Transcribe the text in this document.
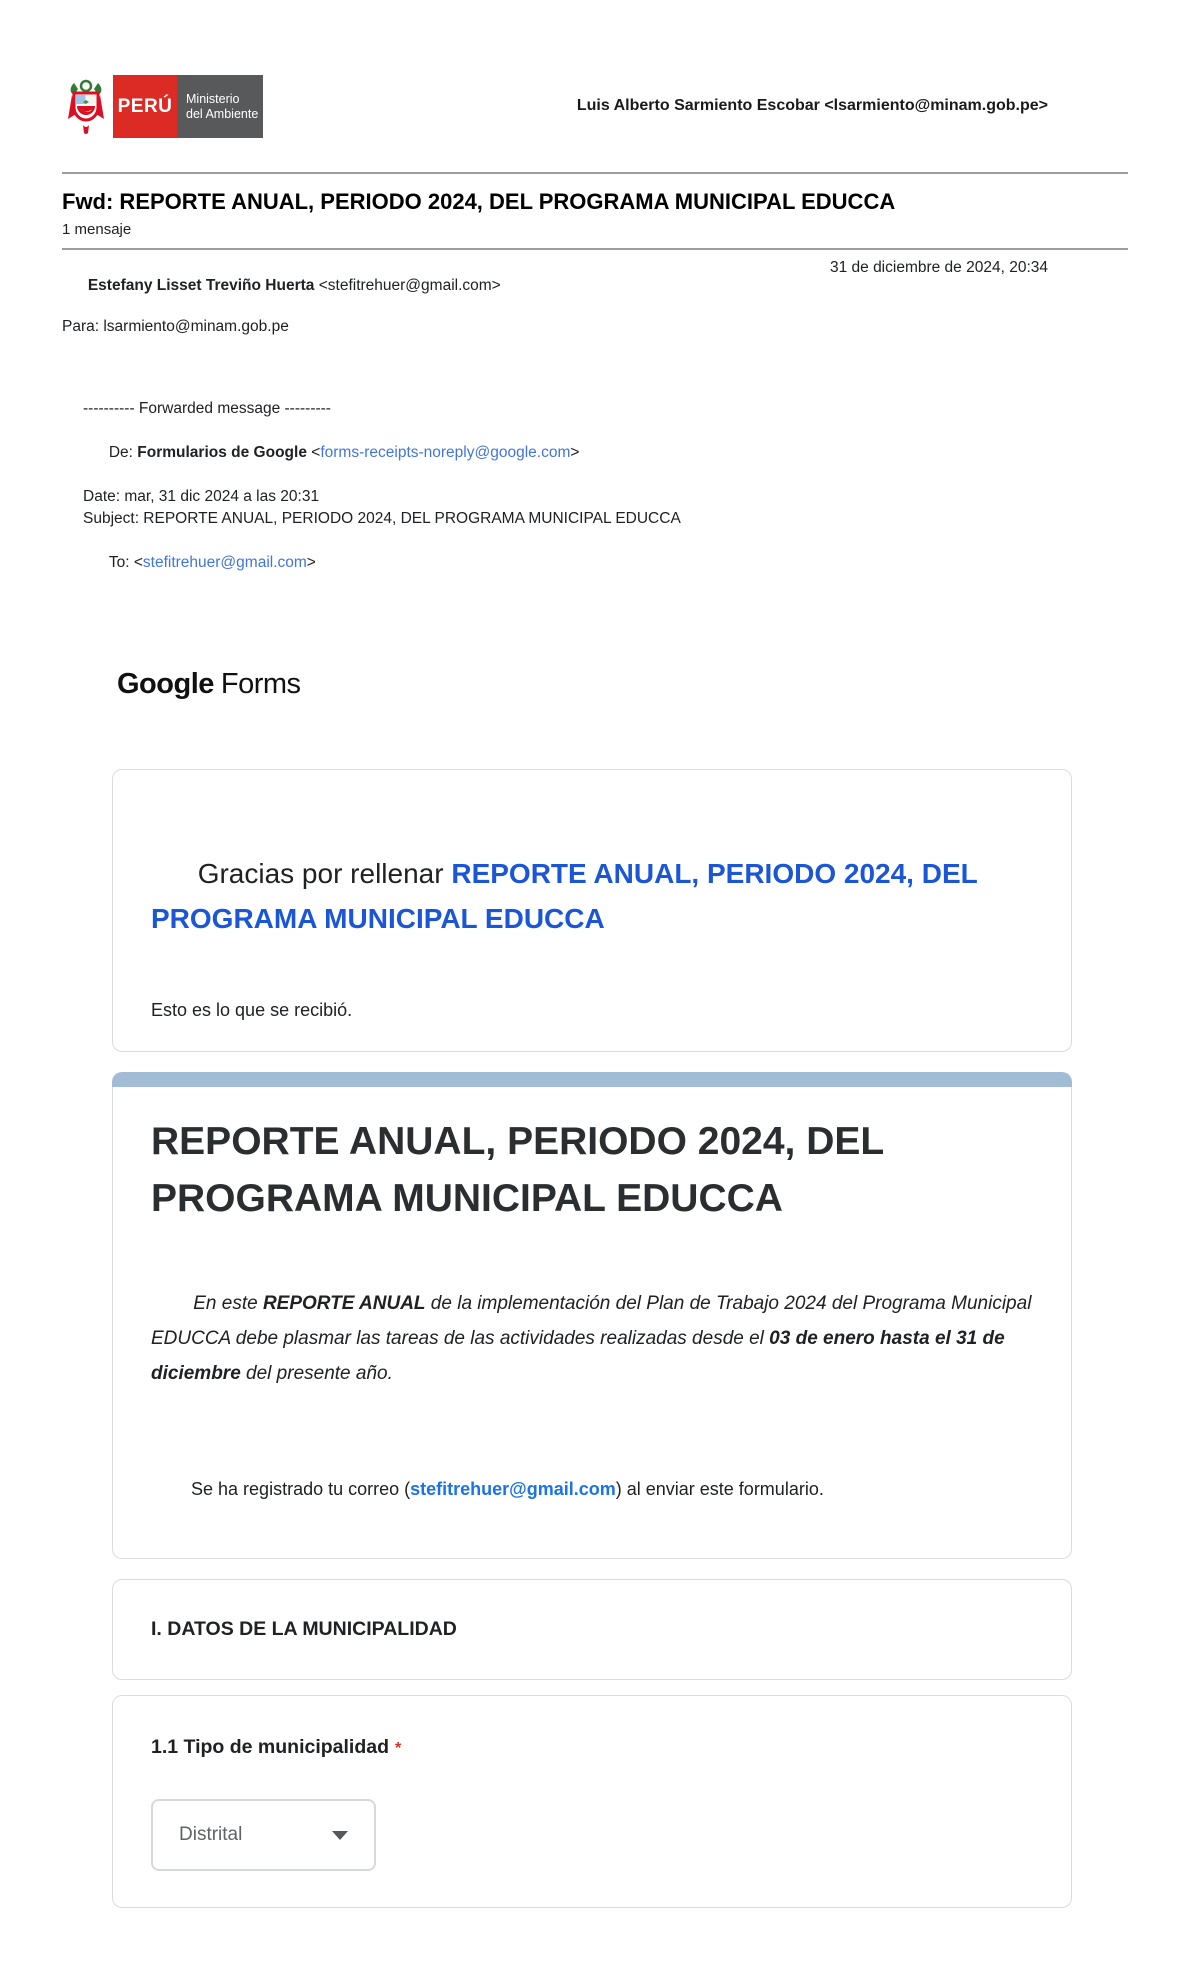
PERÚ Ministerio
del Ambiente	Luis Alberto Sarmiento Escobar <lsarmiento@minam.gob.pe>
Fwd: REPORTE ANUAL, PERIODO 2024, DEL PROGRAMA MUNICIPAL EDUCCA
1 mensaje

Estefany Lisset Treviño Huerta <stefitrehuer@gmail.com>

31 de diciembre de 2024, 20:34
Para: lsarmiento@minam.gob.pe
---------- Forwarded message ---------

De: Formularios de Google <forms-receipts-noreply@google.com>

Date: mar, 31 dic 2024 a las 20:31
Subject: REPORTE ANUAL, PERIODO 2024, DEL PROGRAMA MUNICIPAL EDUCCA

To: <stefitrehuer@gmail.com>

Google Forms

Gracias por rellenar REPORTE ANUAL, PERIODO 2024, DEL PROGRAMA MUNICIPAL EDUCCA

Esto es lo que se recibió.
REPORTE ANUAL, PERIODO 2024, DEL PROGRAMA MUNICIPAL EDUCCA

En este REPORTE ANUAL de la implementación del Plan de Trabajo 2024 del Programa Municipal EDUCCA debe plasmar las tareas de las actividades realizadas desde el 03 de enero hasta el 31 de diciembre del presente año.

Se ha registrado tu correo (stefitrehuer@gmail.com) al enviar este formulario.

I. DATOS DE LA MUNICIPALIDAD
1.1 Tipo de municipalidad *
Distrital
